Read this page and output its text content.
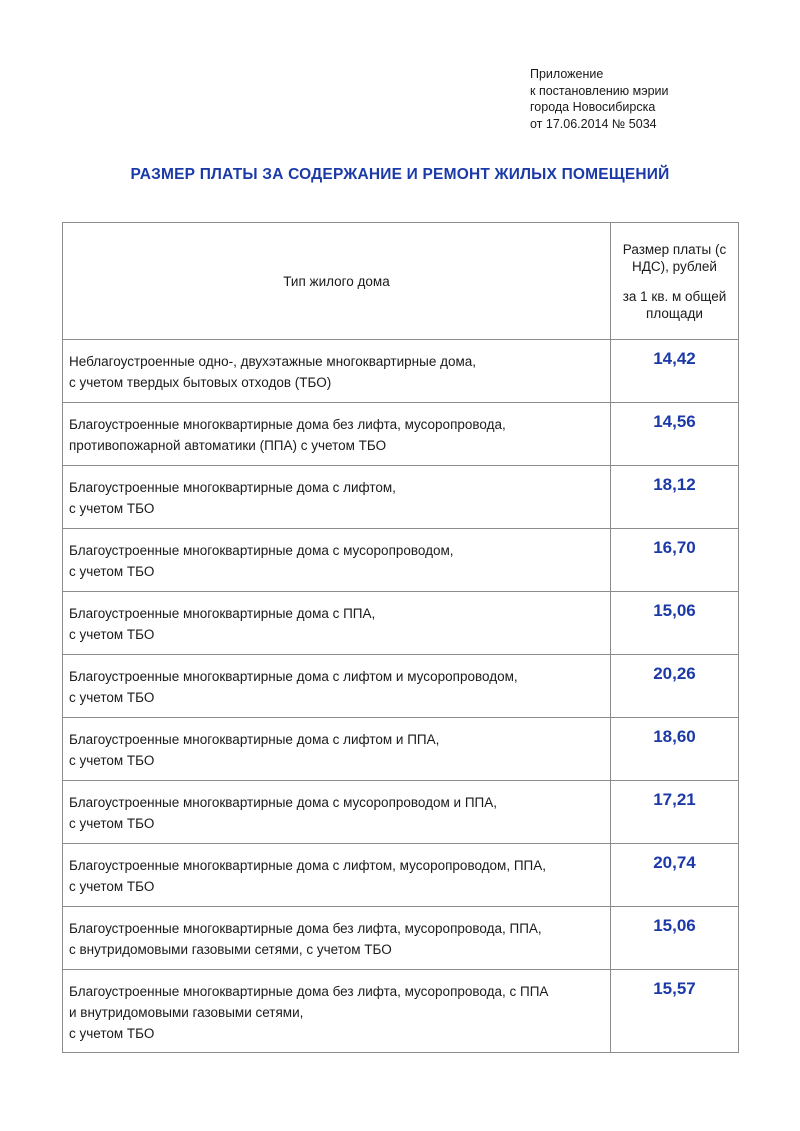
Приложение
к постановлению мэрии
города Новосибирска
от 17.06.2014 № 5034
РАЗМЕР ПЛАТЫ ЗА СОДЕРЖАНИЕ И РЕМОНТ ЖИЛЫХ ПОМЕЩЕНИЙ
Тип жилого дома	Размер платы (с НДС), рублей
за 1 кв. м общей площади

Неблагоустроенные одно-, двухэтажные многоквартирные дома,
с учетом твердых бытовых отходов (ТБО)	14,42

Благоустроенные многоквартирные дома без лифта, мусоропровода,
противопожарной автоматики (ППА) с учетом ТБО	14,56

Благоустроенные многоквартирные дома с лифтом,
с учетом ТБО	18,12

Благоустроенные многоквартирные дома с мусоропроводом,
с учетом ТБО	16,70

Благоустроенные многоквартирные дома с ППА,
с учетом ТБО	15,06

Благоустроенные многоквартирные дома с лифтом и мусоропроводом,
с учетом ТБО	20,26

Благоустроенные многоквартирные дома с лифтом и ППА,
с учетом ТБО	18,60

Благоустроенные многоквартирные дома с мусоропроводом и ППА,
с учетом ТБО	17,21

Благоустроенные многоквартирные дома с лифтом, мусоропроводом, ППА,
с учетом ТБО	20,74

Благоустроенные многоквартирные дома без лифта, мусоропровода, ППА,
с внутридомовыми газовыми сетями, с учетом ТБО	15,06

Благоустроенные многоквартирные дома без лифта, мусоропровода, с ППА
и внутридомовыми газовыми сетями,
с учетом ТБО	15,57
